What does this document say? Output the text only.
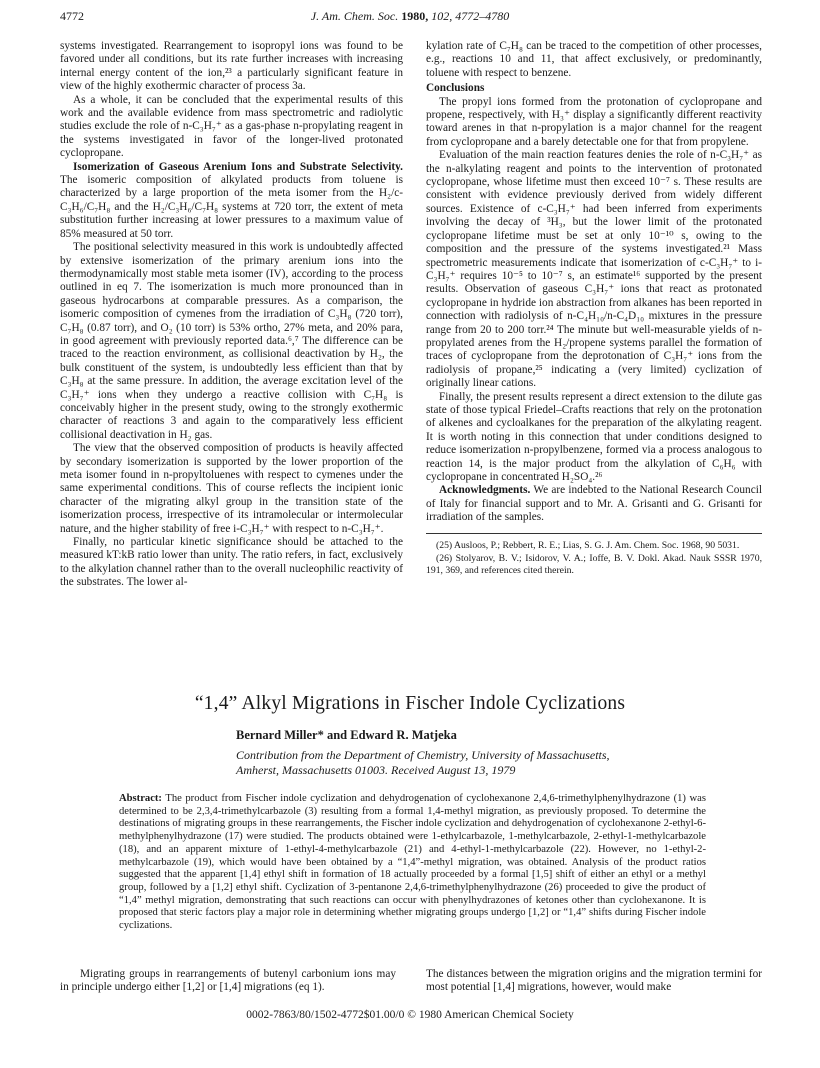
4772	J. Am. Chem. Soc. 1980, 102, 4772–4780

systems investigated. Rearrangement to isopropyl ions was found to be favored under all conditions, but its rate further increases with increasing internal energy content of the ion,²³ a particularly significant feature in view of the highly exothermic character of process 3a.

As a whole, it can be concluded that the experimental results of this work and the available evidence from mass spectrometric and radiolytic studies exclude the role of n-C₃H₇⁺ as a gas-phase n-propylating reagent in the systems investigated in favor of the longer-lived protonated cyclopropane.

Isomerization of Gaseous Arenium Ions and Substrate Selectivity. The isomeric composition of alkylated products from toluene is characterized by a large proportion of the meta isomer from the H₂/c-C₃H₆/C₇H₈ and the H₂/C₃H₆/C₇H₈ systems at 720 torr, the extent of meta substitution further increasing at lower pressures to a maximum value of 85% measured at 50 torr.

The positional selectivity measured in this work is undoubtedly affected by extensive isomerization of the primary arenium ions into the thermodynamically most stable meta isomer (IV), according to the process outlined in eq 7. The isomerization is much more pronounced than in gaseous hydrocarbons at comparable pressures. As a comparison, the isomeric composition of cymenes from the irradiation of C₃H₈ (720 torr), C₇H₈ (0.87 torr), and O₂ (10 torr) is 53% ortho, 27% meta, and 20% para, in good agreement with previously reported data.⁶,⁷ The difference can be traced to the reaction environment, as collisional deactivation by H₂, the bulk constituent of the system, is undoubtedly less efficient than that by C₃H₈ at the same pressure. In addition, the average excitation level of the C₃H₇⁺ ions when they undergo a reactive collision with C₇H₈ is conceivably higher in the present study, owing to the strongly exothermic character of reactions 3 and again to the comparatively less efficient collisional deactivation in H₂ gas.

The view that the observed composition of products is heavily affected by secondary isomerization is supported by the lower proportion of the meta isomer found in n-propyltoluenes with respect to cymenes under the same experimental conditions. This of course reflects the incipient ionic character of the migrating alkyl group in the transition state of the isomerization process, irrespective of its intramolecular or intermolecular nature, and the higher stability of free i-C₃H₇⁺ with respect to n-C₃H₇⁺.

Finally, no particular kinetic significance should be attached to the measured kT:kB ratio lower than unity. The ratio refers, in fact, exclusively to the alkylation channel rather than to the overall nucleophilic reactivity of the substrates. The lower al-

kylation rate of C₇H₈ can be traced to the competition of other processes, e.g., reactions 10 and 11, that affect exclusively, or predominantly, toluene with respect to benzene.

Conclusions

The propyl ions formed from the protonation of cyclopropane and propene, respectively, with H₃⁺ display a significantly different reactivity toward arenes in that n-propylation is a major channel for the reagent from cyclopropane and a barely detectable one for that from propylene.

Evaluation of the main reaction features denies the role of n-C₃H₇⁺ as the n-alkylating reagent and points to the intervention of protonated cyclopropane, whose lifetime must then exceed 10⁻⁷ s. These results are consistent with evidence previously derived from widely different sources. Existence of c-C₃H₇⁺ had been inferred from experiments involving the decay of ³H₃, but the lower limit of the protonated cyclopropane lifetime must be set at only 10⁻¹⁰ s, owing to the composition and the pressure of the systems investigated.²¹ Mass spectrometric measurements indicate that isomerization of c-C₃H₇⁺ to i-C₃H₇⁺ requires 10⁻⁵ to 10⁻⁷ s, an estimate¹⁶ supported by the present results. Observation of gaseous C₃H₇⁺ ions that react as protonated cyclopropane in hydride ion abstraction from alkanes has been reported in connection with radiolysis of n-C₄H₁₀/n-C₄D₁₀ mixtures in the pressure range from 20 to 200 torr.²⁴ The minute but well-measurable yields of n-propylated arenes from the H₂/propene systems parallel the formation of traces of cyclopropane from the deprotonation of C₃H₇⁺ ions from the radiolysis of propane,²⁵ indicating a (very limited) cyclization of originally linear cations.

Finally, the present results represent a direct extension to the dilute gas state of those typical Friedel–Crafts reactions that rely on the protonation of alkenes and cycloalkanes for the preparation of the alkylating reagent. It is worth noting in this connection that under conditions designed to reduce isomerization n-propylbenzene, formed via a process analogous to reaction 14, is the major product from the alkylation of C₆H₆ with cyclopropane in concentrated H₂SO₄.²⁶

Acknowledgments. We are indebted to the National Research Council of Italy for financial support and to Mr. A. Grisanti and G. Grisanti for irradiation of the samples.

(25) Ausloos, P.; Rebbert, R. E.; Lias, S. G. J. Am. Chem. Soc. 1968, 90 5031.

(26) Stolyarov, B. V.; Isidorov, V. A.; Ioffe, B. V. Dokl. Akad. Nauk SSSR 1970, 191, 369, and references cited therein.

“1,4” Alkyl Migrations in Fischer Indole Cyclizations
Bernard Miller* and Edward R. Matjeka
Contribution from the Department of Chemistry, University of Massachusetts,
Amherst, Massachusetts 01003. Received August 13, 1979
Abstract: The product from Fischer indole cyclization and dehydrogenation of cyclohexanone 2,4,6-trimethylphenylhydrazone (1) was determined to be 2,3,4-trimethylcarbazole (3) resulting from a formal 1,4-methyl migration, as previously proposed. To determine the destinations of migrating groups in these rearrangements, the Fischer indole cyclization and dehydrogenation of cyclohexanone 2-ethyl-6-methylphenylhydrazone (17) were studied. The products obtained were 1-ethylcarbazole, 1-methylcarbazole, 2-ethyl-1-methylcarbazole (18), and an apparent mixture of 1-ethyl-4-methylcarbazole (21) and 4-ethyl-1-methylcarbazole (22). However, no 1-ethyl-2-methylcarbazole (19), which would have been obtained by a “1,4”-methyl migration, was obtained. Analysis of the product ratios suggested that the apparent [1,4] ethyl shift in formation of 18 actually proceeded by a formal [1,5] shift of either an ethyl or a methyl group, followed by a [1,2] ethyl shift. Cyclization of 3-pentanone 2,4,6-trimethylphenylhydrazone (26) proceeded to give the product of “1,4” methyl migration, demonstrating that such reactions can occur with phenylhydrazones of ketones other than cyclohexanone. It is proposed that steric factors play a major role in determining whether migrating groups undergo [1,2] or “1,4” shifts during Fischer indole cyclizations.

Migrating groups in rearrangements of butenyl carbonium ions may in principle undergo either [1,2] or [1,4] migrations (eq 1).

The distances between the migration origins and the migration termini for most potential [1,4] migrations, however, would make

0002-7863/80/1502-4772$01.00/0 © 1980 American Chemical Society
